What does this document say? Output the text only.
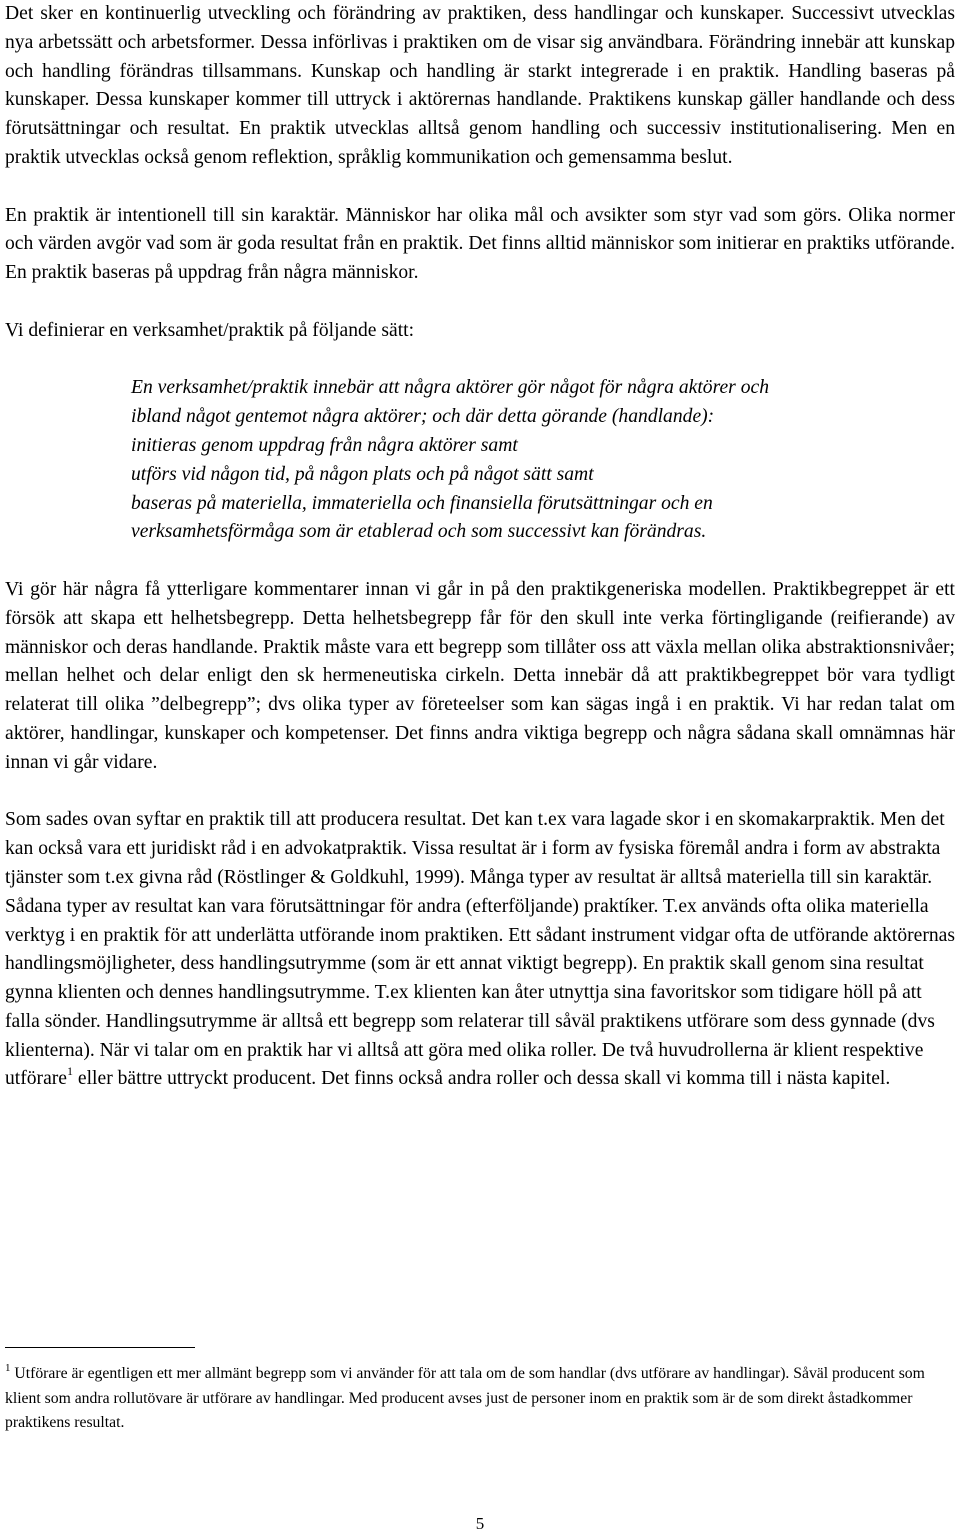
Det sker en kontinuerlig utveckling och förändring av praktiken, dess handlingar och kunskaper. Successivt utvecklas nya arbetssätt och arbetsformer. Dessa införlivas i praktiken om de visar sig användbara. Förändring innebär att kunskap och handling förändras tillsammans. Kunskap och handling är starkt integrerade i en praktik. Handling baseras på kunskaper. Dessa kunskaper kommer till uttryck i aktörernas handlande. Praktikens kunskap gäller handlande och dess förutsättningar och resultat. En praktik utvecklas alltså genom handling och successiv institutionalisering. Men en praktik utvecklas också genom reflektion, språklig kommunikation och gemensamma beslut.

En praktik är intentionell till sin karaktär. Människor har olika mål och avsikter som styr vad som görs. Olika normer och värden avgör vad som är goda resultat från en praktik. Det finns alltid människor som initierar en praktiks utförande. En praktik baseras på uppdrag från några människor.

Vi definierar en verksamhet/praktik på följande sätt:

En verksamhet/praktik innebär att några aktörer gör något för några aktörer och
ibland något gentemot några aktörer; och där detta görande (handlande):
initieras genom uppdrag från några aktörer samt
utförs vid någon tid, på någon plats och på något sätt samt
baseras på materiella, immateriella och finansiella förutsättningar och en
verksamhetsförmåga som är etablerad och som successivt kan förändras.

Vi gör här några få ytterligare kommentarer innan vi går in på den praktikgeneriska modellen. Praktikbegreppet är ett försök att skapa ett helhetsbegrepp. Detta helhetsbegrepp får för den skull inte verka förtingligande (reifierande) av människor och deras handlande. Praktik måste vara ett begrepp som tillåter oss att växla mellan olika abstraktionsnivåer; mellan helhet och delar enligt den sk hermeneutiska cirkeln. Detta innebär då att praktikbegreppet bör vara tydligt relaterat till olika ”delbegrepp”; dvs olika typer av företeelser som kan sägas ingå i en praktik. Vi har redan talat om aktörer, handlingar, kunskaper och kompetenser. Det finns andra viktiga begrepp och några sådana skall omnämnas här innan vi går vidare.

Som sades ovan syftar en praktik till att producera resultat. Det kan t.ex vara lagade skor i en skomakarpraktik. Men det kan också vara ett juridiskt råd i en advokatpraktik. Vissa resultat är i form av fysiska föremål andra i form av abstrakta tjänster som t.ex givna råd (Röstlinger & Goldkuhl, 1999). Många typer av resultat är alltså materiella till sin karaktär. Sådana typer av resultat kan vara förutsättningar för andra (efterföljande) praktíker. T.ex används ofta olika materiella verktyg i en praktik för att underlätta utförande inom praktiken. Ett sådant instrument vidgar ofta de utförande aktörernas handlingsmöjligheter, dess handlingsutrymme (som är ett annat viktigt begrepp). En praktik skall genom sina resultat gynna klienten och dennes handlingsutrymme. T.ex klienten kan åter utnyttja sina favoritskor som tidigare höll på att falla sönder. Handlingsutrymme är alltså ett begrepp som relaterar till såväl praktikens utförare som dess gynnade (dvs klienterna). När vi talar om en praktik har vi alltså att göra med olika roller. De två huvudrollerna är klient respektive utförare$^1$ eller bättre uttryckt producent. Det finns också andra roller och dessa skall vi komma till i nästa kapitel.

$^1$ Utförare är egentligen ett mer allmänt begrepp som vi använder för att tala om de som handlar (dvs utförare av handlingar). Såväl producent som klient som andra rollutövare är utförare av handlingar. Med producent avses just de personer inom en praktik som är de som direkt åstadkommer praktikens resultat.
5
